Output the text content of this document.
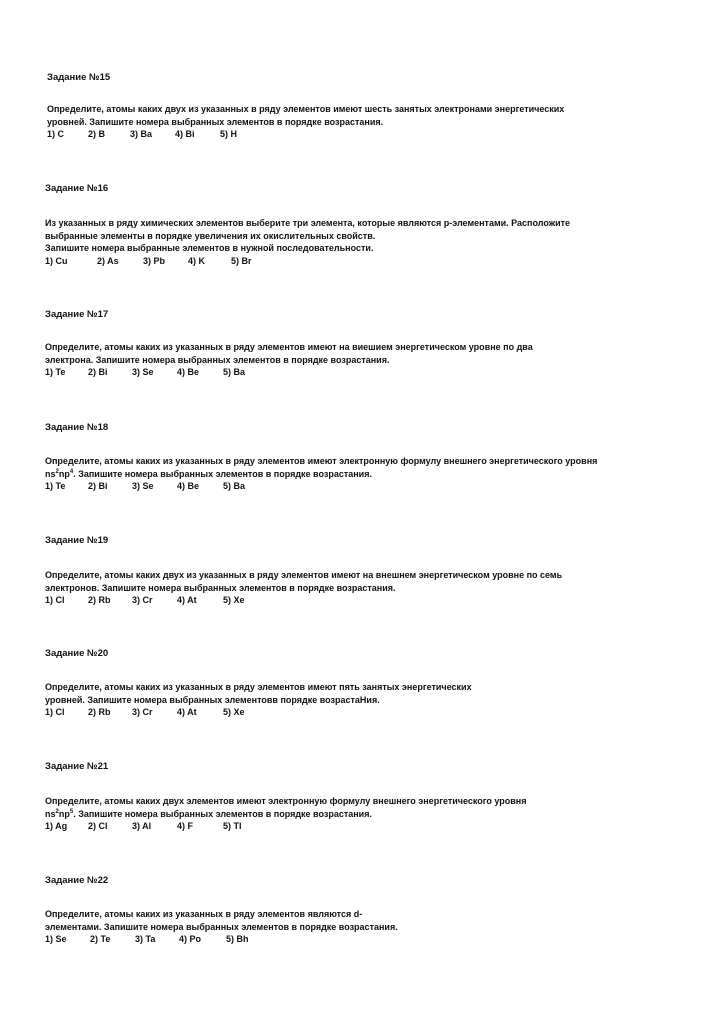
Задание №15

Определите, атомы каких двух из указанных в ряду элементов имеют шесть занятых электронами энергетических
уровней. Запишите номера выбранных элементов в порядке возрастания.
1) C	2) B	3) Ba	4) Bi	5) H

Задание №16

Из указанных в ряду химических элементов выберите три элемента, которые являются p-элементами. Расположите
выбранные элементы в порядке увеличения их окислительных свойств.
Запишите номера выбранные элементов в нужной последовательности.
1) Cu	2) As	3) Pb	4) K	5) Br

Задание №17

Определите, атомы каких из указанных в ряду элементов имеют на виешием энергетическом уровне по два
электрона. Запишите номера выбранных элементов в порядке возрастания.
1) Te	2) Bi	3) Se	4) Be	5) Ba

Задание №18

Определите, атомы каких из указанных в ряду элементов имеют электронную формулу внешнего энергетического уровня
$ns^2np^4$. Запишите номера выбранных элементов в порядке возрастания.
1) Te	2) Bi	3) Se	4) Be	5) Ba

Задание №19

Определите, атомы каких двух из указанных в ряду элементов имеют на внешнем энергетическом уровне по семь
электронов. Запишите номера выбранных элементов в порядке возрастания.
1) Cl	2) Rb 3) Cr	4) At	5) Xe

Задание №20

Определите, атомы каких из указанных в ряду элементов имеют пять занятых энергетических
уровней. Запишите номера выбранных элементовв порядке возрастаНия.
1) Cl	2) Rb 3) Cr	4) At	5) Xe

Задание №21

Определите, атомы каких двух элементов имеют электронную формулу внешнего энергетического уровня
$ns^2np^5$. Запишите номера выбранных элементов в порядке возрастания.
1) Ag 2) Cl	3) Al	4) F	5) Tl

Задание №22

Определите, атомы каких из указанных в ряду элементов являются d-
элементами. Запишите номера выбранных элементов в порядке возрастания.
1) Se	2) Te	3) Ta	4) Po	5) Bh
